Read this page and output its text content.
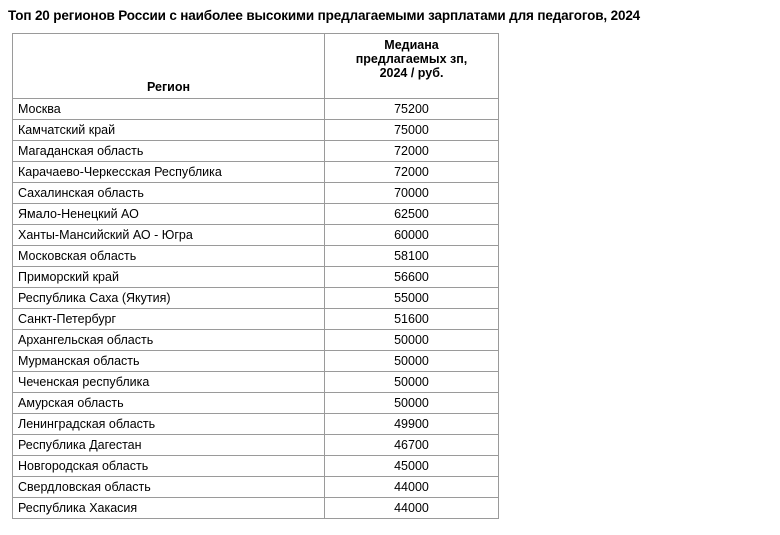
Топ 20 регионов России с наиболее высокими предлагаемыми зарплатами для педагогов, 2024
Регион	Медиана
предлагаемых зп,
2024 / руб.

Москва	75200
Камчатский край	75000
Магаданская область	72000
Карачаево-Черкесская Республика	72000
Сахалинская область	70000
Ямало-Ненецкий АО	62500
Ханты-Мансийский АО - Югра	60000
Московская область	58100
Приморский край	56600
Республика Саха (Якутия)	55000
Санкт-Петербург	51600
Архангельская область	50000
Мурманская область	50000
Чеченская республика	50000
Амурская область	50000
Ленинградская область	49900
Республика Дагестан	46700
Новгородская область	45000
Свердловская область	44000
Республика Хакасия	44000
